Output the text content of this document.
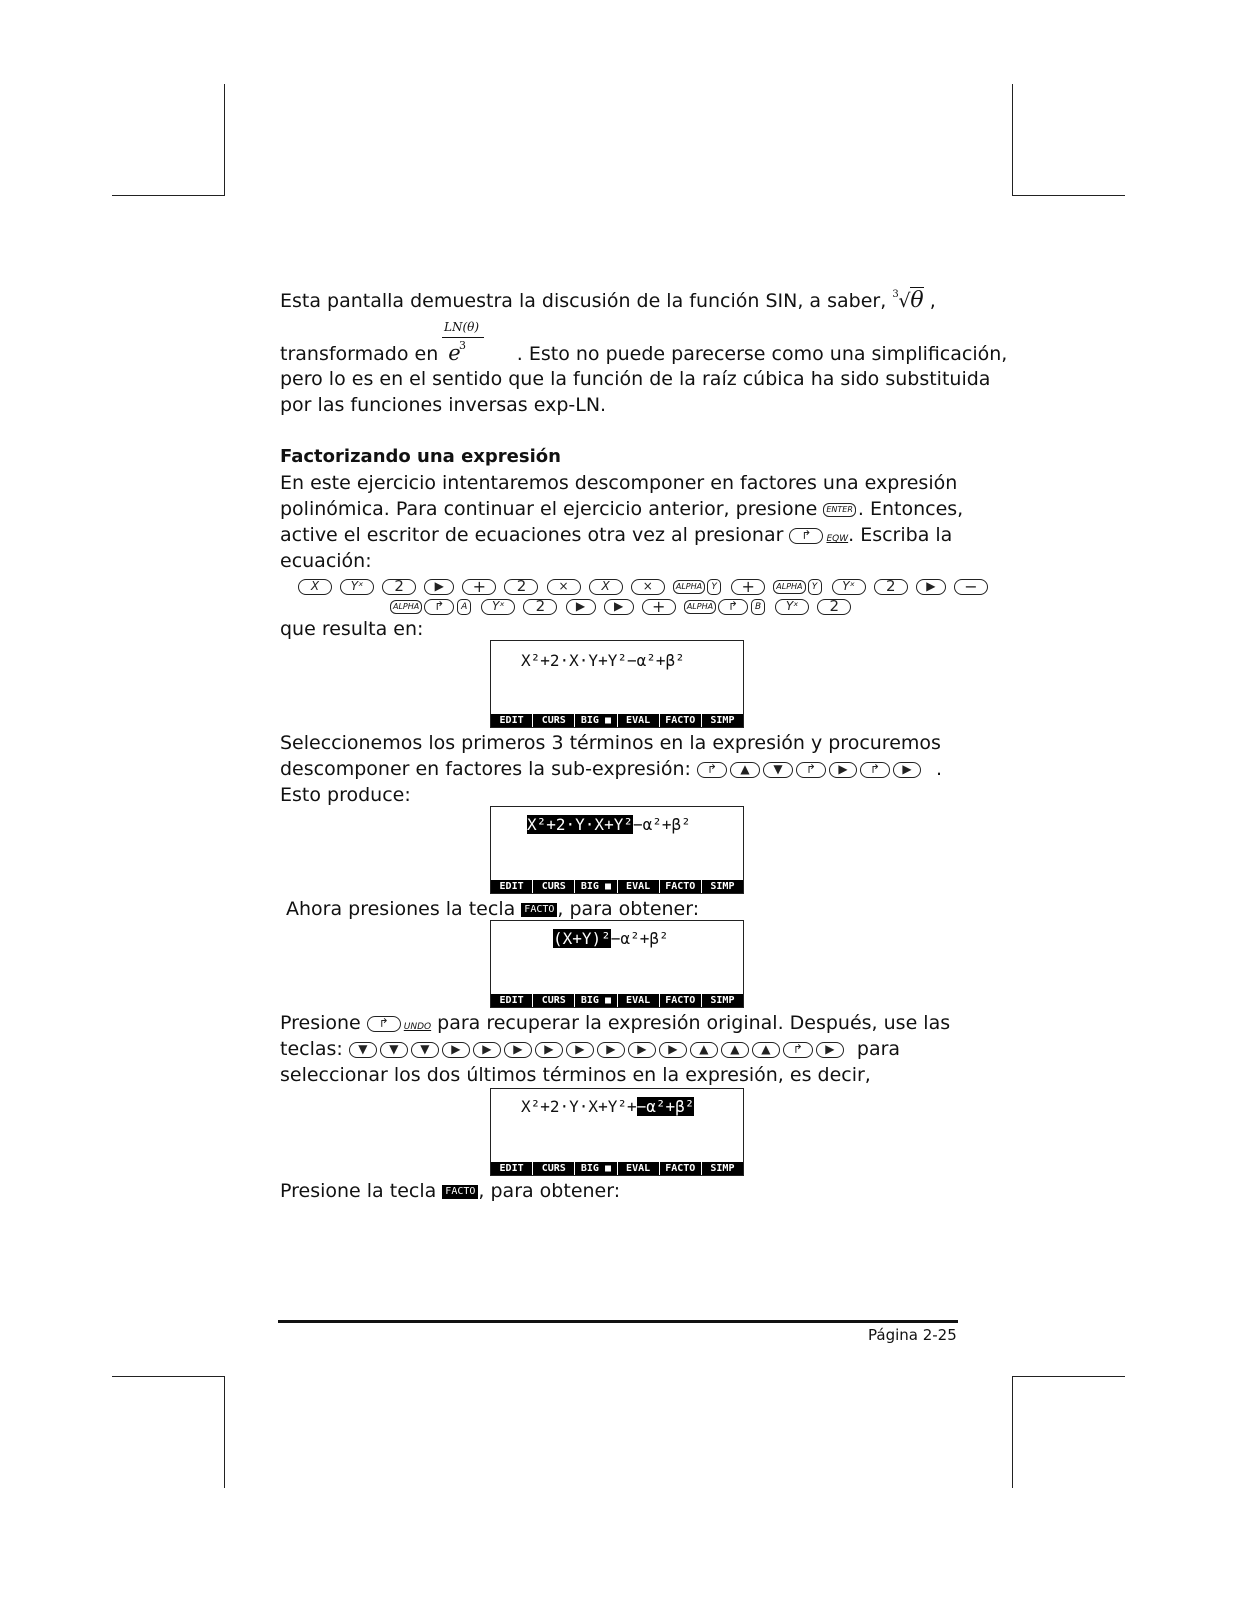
Esta pantalla demuestra la discusión de la función SIN, a saber, 3 √θ ,
LN(θ)
3
transformado en e	. Esto no puede parecerse como una simplificación,
pero lo es en el sentido que la función de la raíz cúbica ha sido substituida
por las funciones inversas exp-LN.
Factorizando una expresión
En este ejercicio intentaremos descomponer en factores una expresión
polinómica. Para continuar el ejercicio anterior, presione ENTER . Entonces,
active el escritor de ecuaciones otra vez al presionar ↱ EQW. Escriba la
ecuación:
X	Yˣ 2	▶ + 2	×	X	×	ALPHA Y +	ALPHA Y Yˣ 2	▶ −
ALPHA ↱ A Yˣ 2	▶ ▶ +	ALPHA ↱ B Yˣ 2
que resulta en:
X²+2·X·Y+Y²−α²+β²
EDIT	CURS	BIG ■	EVAL	FACTO	SIMP
Seleccionemos los primeros 3 términos en la expresión y procuremos
descomponer en factores la sub-expresión: ↱ ▲ ▼ ↱ ▶ ↱ ▶ .
Esto produce:
X²+2·Y·X+Y²−α²+β²
EDIT	CURS	BIG ■	EVAL	FACTO	SIMP
Ahora presiones la tecla FACTO , para obtener:
(X+Y)²−α²+β²
EDIT	CURS	BIG ■	EVAL	FACTO	SIMP
Presione ↱ UNDO para recuperar la expresión original. Después, use las
teclas: ▼ ▼ ▼ ▶ ▶ ▶ ▶ ▶ ▶ ▶ ▶ ▲ ▲ ▲ ↱ ▶ para
seleccionar los dos últimos términos en la expresión, es decir,
X²+2·Y·X+Y²+−α²+β²
EDIT	CURS	BIG ■	EVAL	FACTO	SIMP
Presione la tecla FACTO , para obtener:
Página 2-25
